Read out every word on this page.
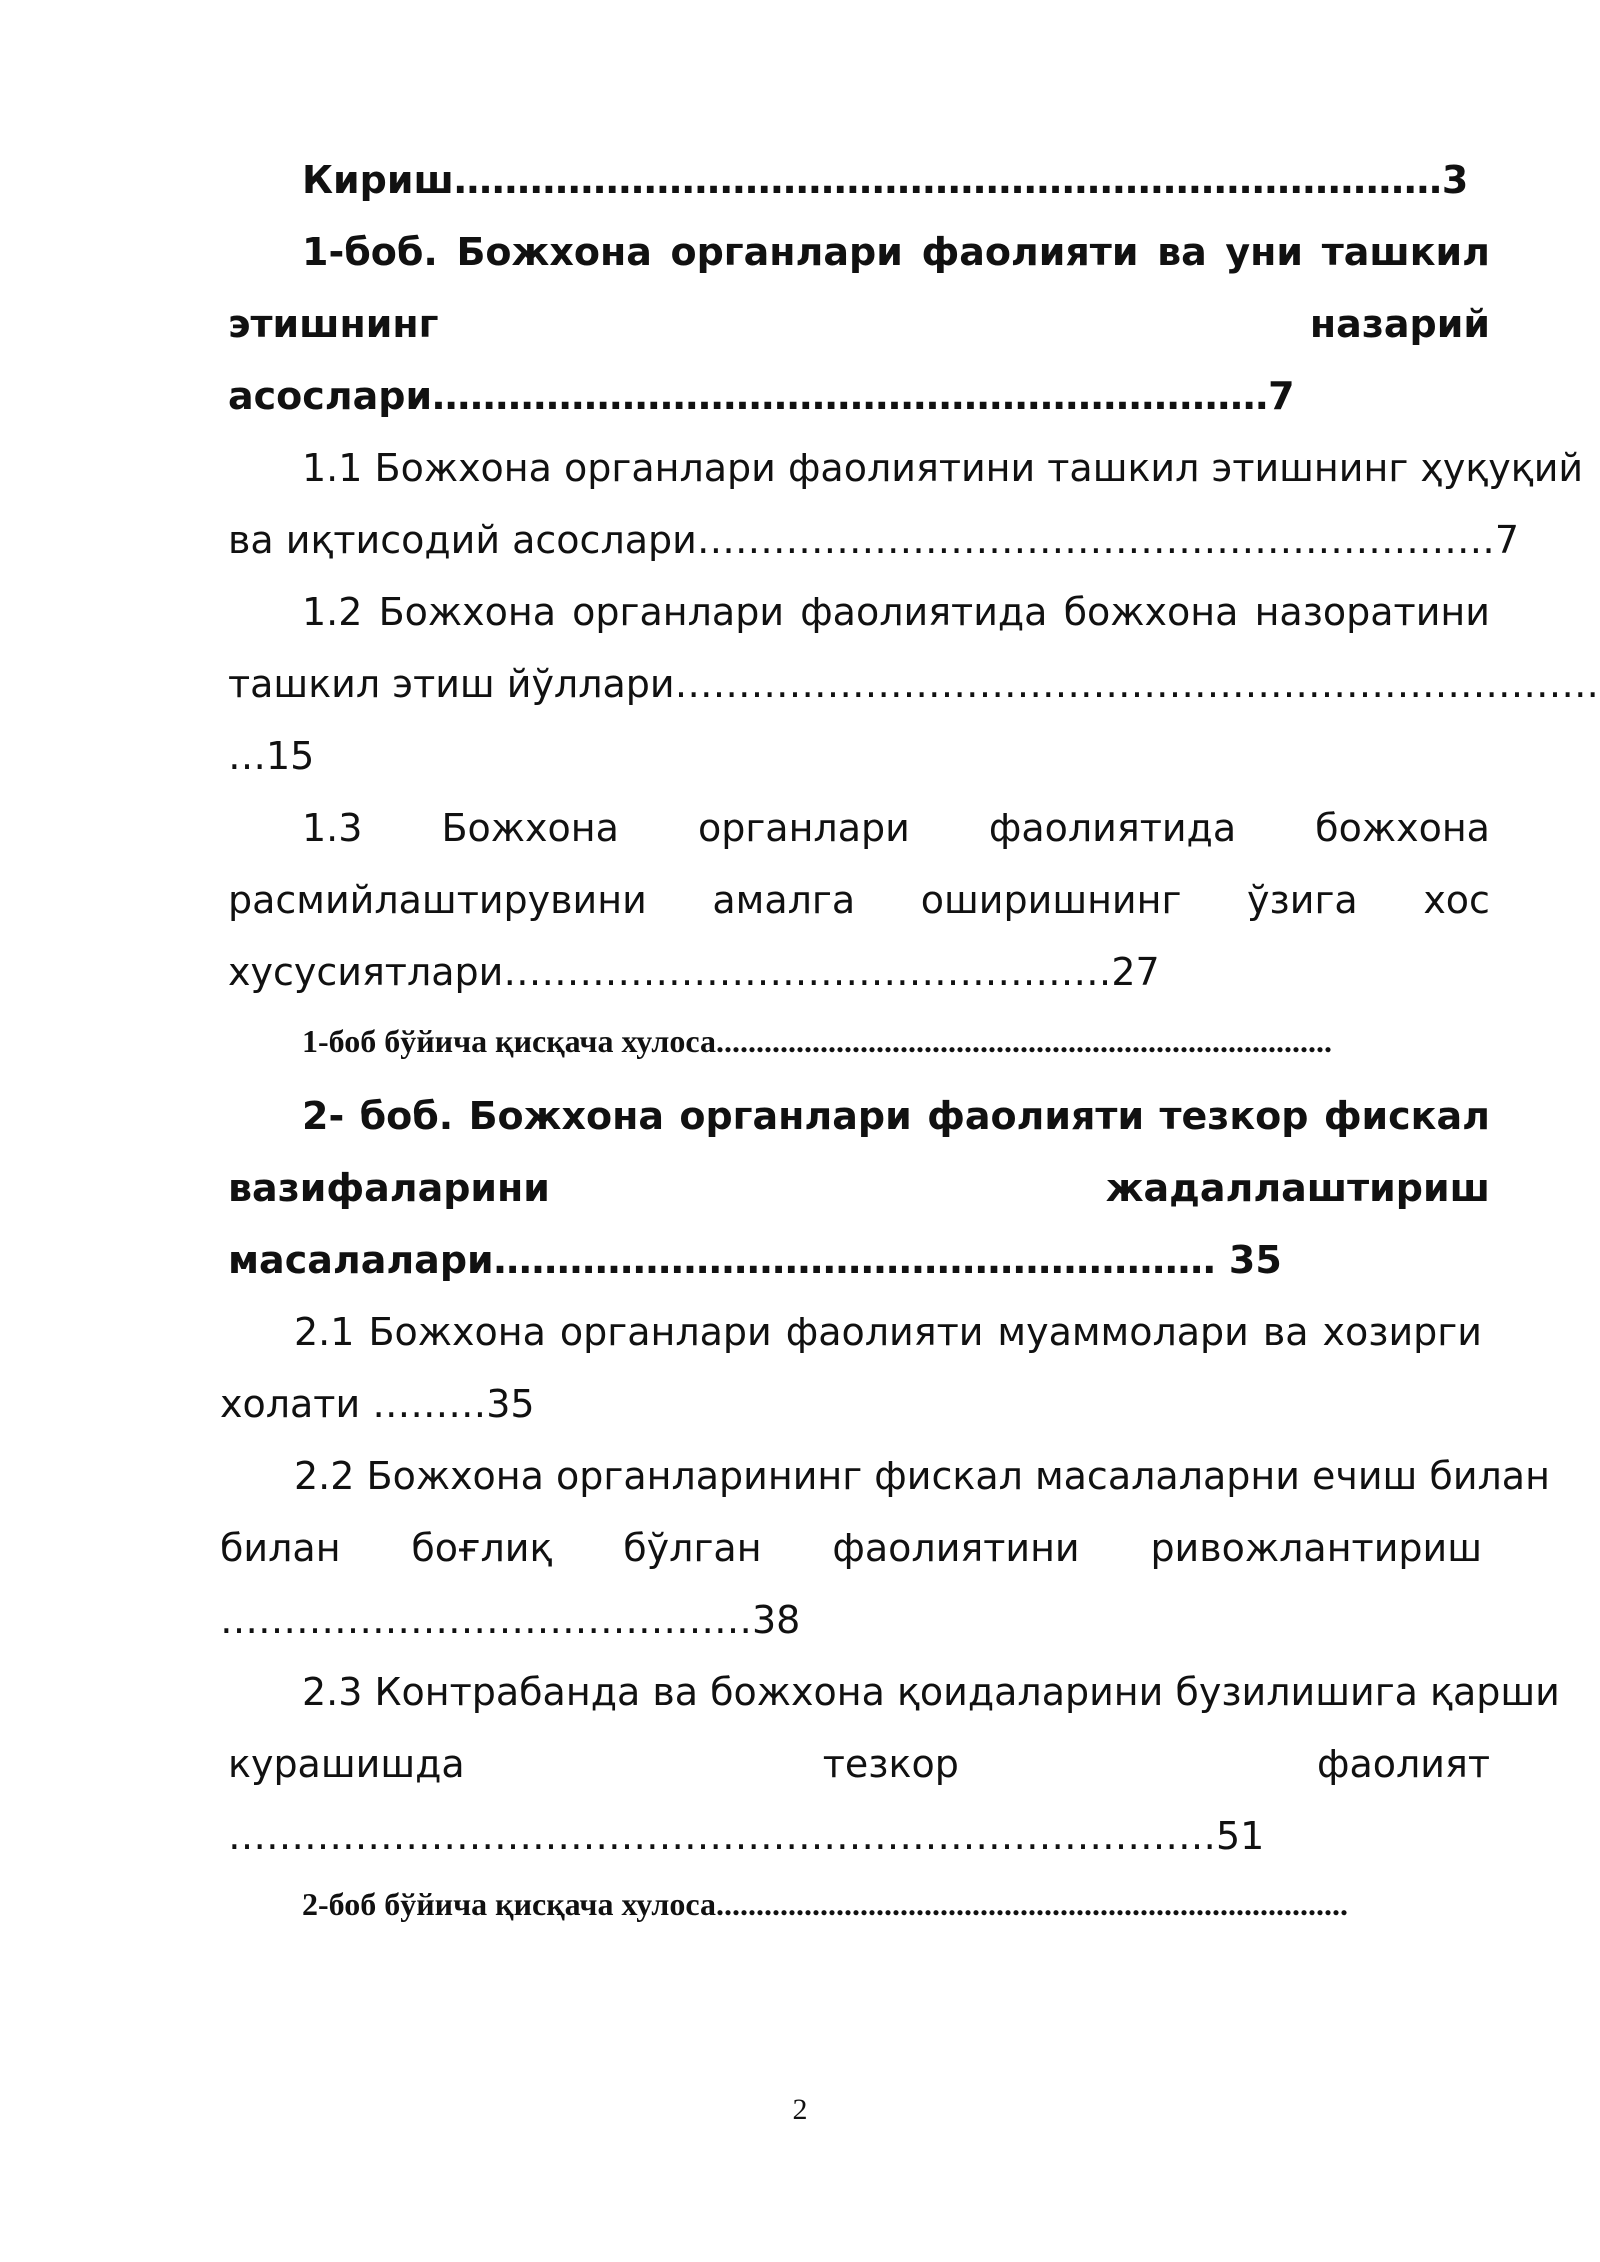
Кириш……………………………………………………………………3
1-боб. Божхона органлари фаолияти ва уни ташкил
этишнинг	назарий
асослари…………………………………………………………7
1.1 Божхона органлари фаолиятини ташкил этишнинг ҳуқуқий
ва иқтисодий асослари………………………………………………………7
1.2 Божхона органлари фаолиятида божхона назоратини
ташкил этиш йўллари……………………………………………………………….
…15
1.3 Божхона органлари фаолиятида божхона
расмийлаштирувини амалга оширишнинг ўзига хос
хусусиятлари…………………………………………27
1-боб бўйича қисқача хулоса.............................................................................
2- боб. Божхона органлари фаолияти тезкор фискал
вазифаларини	жадаллаштириш
масалалари………………………………………………… 35
2.1 Божхона органлари фаолияти муаммолари ва хозирги
холати ………35
2.2 Божхона органларининг фискал масалаларни ечиш билан
билан боғлиқ бўлган фаолиятини ривожлантириш
……………………………………38
2.3 Контрабанда ва божхона қоидаларини бузилишига қарши
курашишда	тезкор	фаолият
……………………………………………………………………51
2-боб бўйича қисқача хулоса...............................................................................
2
